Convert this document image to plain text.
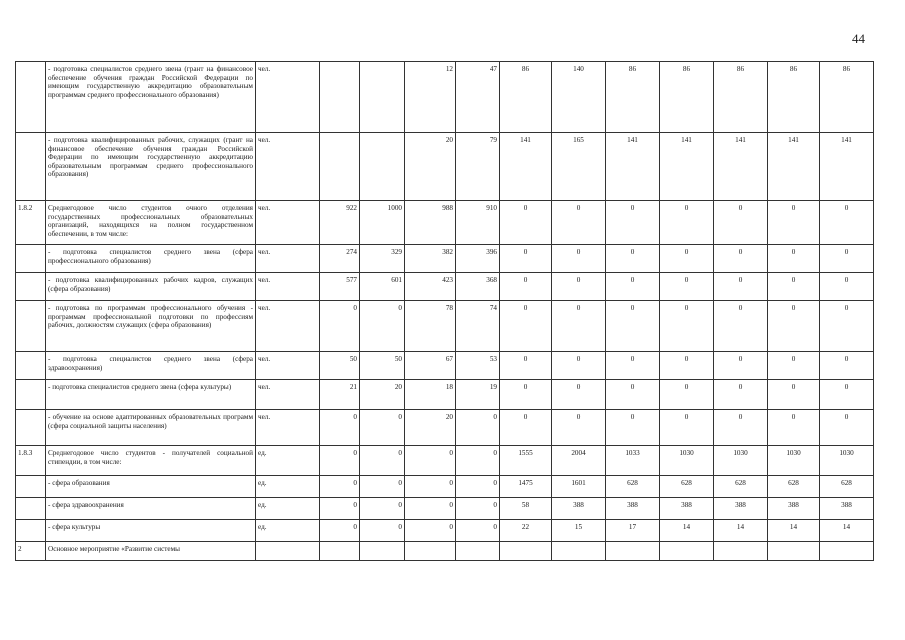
44
	- подготовка специалистов среднего звена (грант на финансовое обеспечение обучения граждан Российской Федерации по имеющим государственную аккредитацию образовательным программам среднего профессионального образования)	чел.			12	47	86	140	86	86	86	86	86
	- подготовка квалифицированных рабочих, служащих (грант на финансовое обеспечение обучения граждан Российской Федерации по имеющим государственную аккредитацию образовательным программам среднего профессионального образования)	чел.			20	79	141	165	141	141	141	141	141
1.8.2	Среднегодовое число студентов очного отделения государственных профессиональных образовательных организаций, находящихся на полном государственном обеспечении, в том числе:	чел.	922	1000	988	910	0	0	0	0	0	0	0
	- подготовка специалистов среднего звена (сфера профессионального образования)	чел.	274	329	382	396	0	0	0	0	0	0	0
	- подготовка квалифицированных рабочих кадров, служащих (сфера образования)	чел.	577	601	423	368	0	0	0	0	0	0	0
	- подготовка по программам профессионального обучения - программам профессиональной подготовки по профессиям рабочих, должностям служащих (сфера образования)	чел.	0	0	78	74	0	0	0	0	0	0	0
	- подготовка специалистов среднего звена (сфера здравоохранения)	чел.	50	50	67	53	0	0	0	0	0	0	0
	- подготовка специалистов среднего звена (сфера культуры)	чел.	21	20	18	19	0	0	0	0	0	0	0
	- обучение на основе адаптированных образовательных программ (сфера социальной защиты населения)	чел.	0	0	20	0	0	0	0	0	0	0	0
1.8.3	Среднегодовое число студентов - получателей социальной стипендии, в том числе:	ед.	0	0	0	0	1555	2004	1033	1030	1030	1030	1030
	- сфера образования	ед.	0	0	0	0	1475	1601	628	628	628	628	628
	- сфера здравоохранения	ед.	0	0	0	0	58	388	388	388	388	388	388
	- сфера культуры	ед.	0	0	0	0	22	15	17	14	14	14	14
2	Основное мероприятие «Развитие системы												
